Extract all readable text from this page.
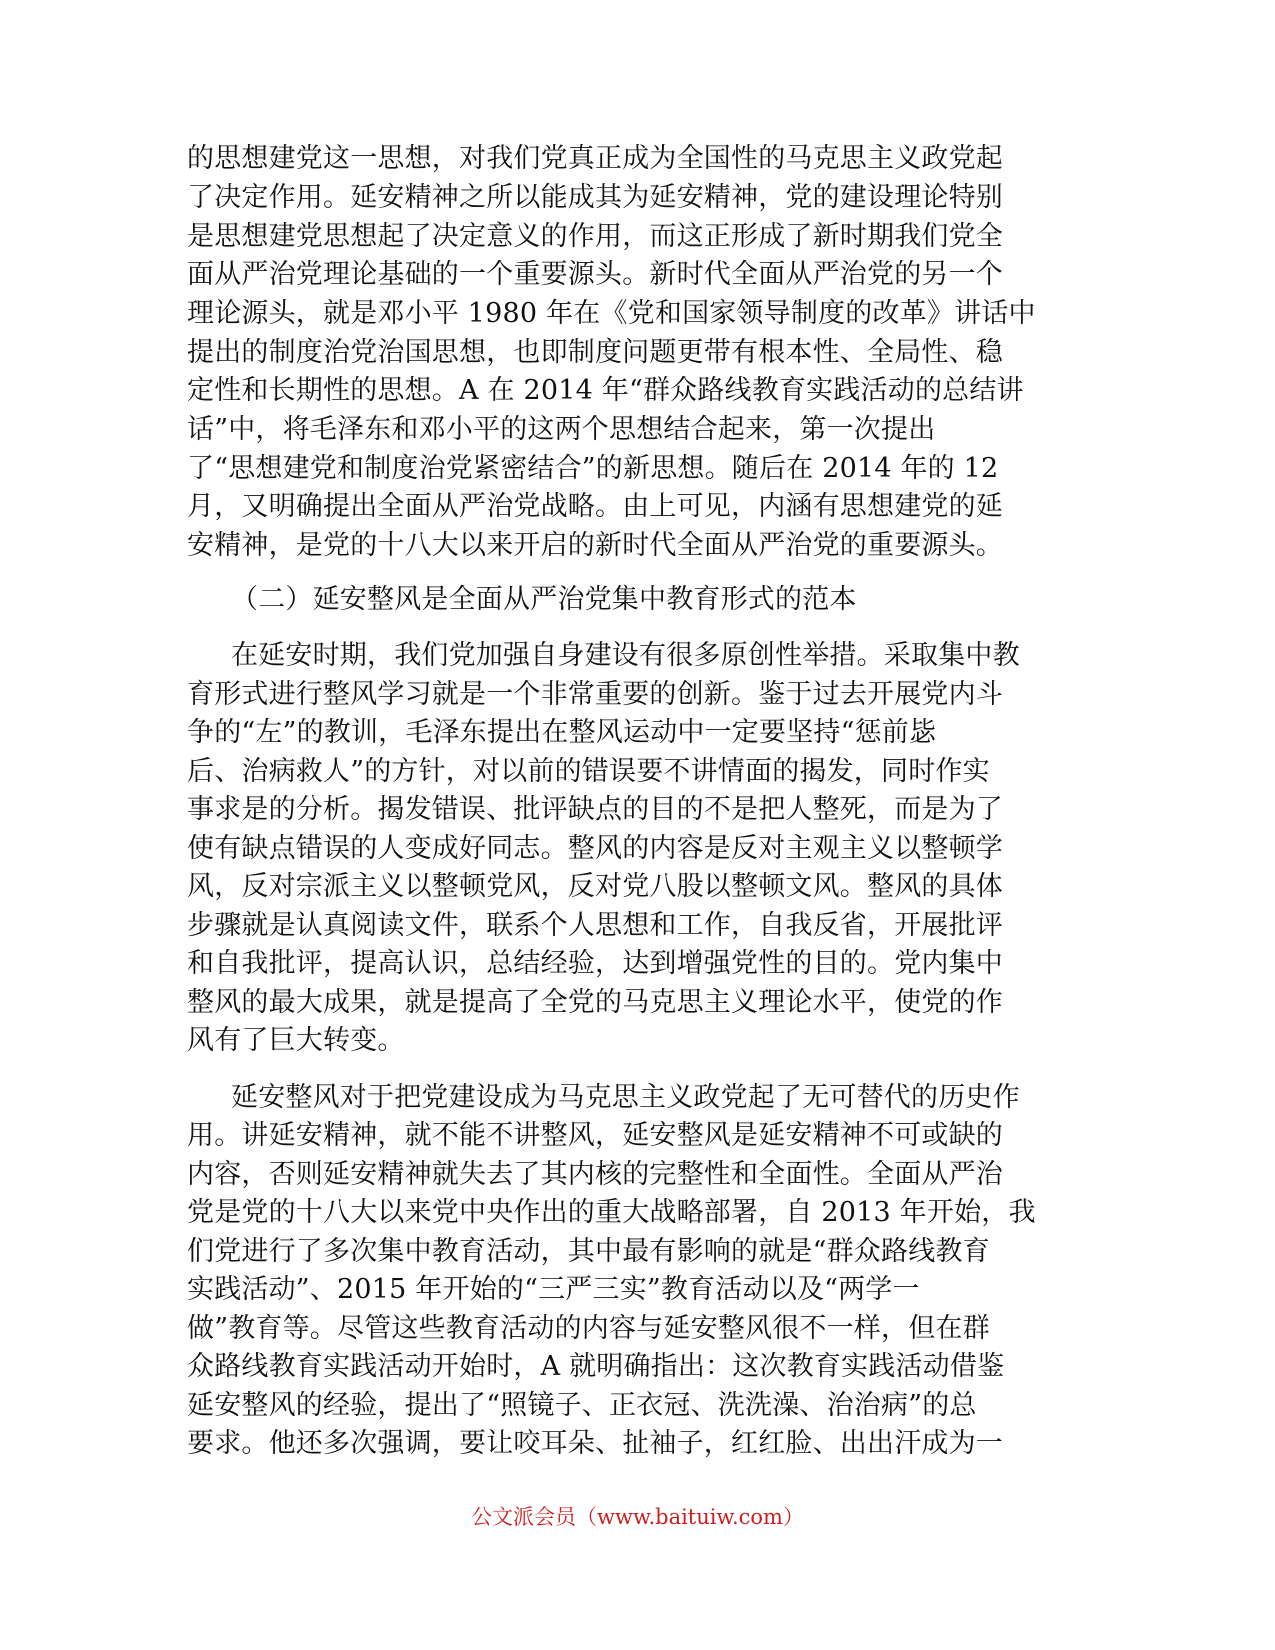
的思想建党这一思想，对我们党真正成为全国性的马克思主义政党起
了决定作用。延安精神之所以能成其为延安精神，党的建设理论特别
是思想建党思想起了决定意义的作用，而这正形成了新时期我们党全
面从严治党理论基础的一个重要源头。新时代全面从严治党的另一个
理论源头，就是邓小平 1980 年在《党和国家领导制度的改革》讲话中
提出的制度治党治国思想，也即制度问题更带有根本性、全局性、稳
定性和长期性的思想。A 在 2014 年“群众路线教育实践活动的总结讲
话”中，将毛泽东和邓小平的这两个思想结合起来，第一次提出
了“思想建党和制度治党紧密结合”的新思想。随后在 2014 年的 12
月，又明确提出全面从严治党战略。由上可见，内涵有思想建党的延
安精神，是党的十八大以来开启的新时代全面从严治党的重要源头。
（二）延安整风是全面从严治党集中教育形式的范本
在延安时期，我们党加强自身建设有很多原创性举措。采取集中教
育形式进行整风学习就是一个非常重要的创新。鉴于过去开展党内斗
争的“左”的教训，毛泽东提出在整风运动中一定要坚持“惩前毖
后、治病救人”的方针，对以前的错误要不讲情面的揭发，同时作实
事求是的分析。揭发错误、批评缺点的目的不是把人整死，而是为了
使有缺点错误的人变成好同志。整风的内容是反对主观主义以整顿学
风，反对宗派主义以整顿党风，反对党八股以整顿文风。整风的具体
步骤就是认真阅读文件，联系个人思想和工作，自我反省，开展批评
和自我批评，提高认识，总结经验，达到增强党性的目的。党内集中
整风的最大成果，就是提高了全党的马克思主义理论水平，使党的作
风有了巨大转变。
延安整风对于把党建设成为马克思主义政党起了无可替代的历史作
用。讲延安精神，就不能不讲整风，延安整风是延安精神不可或缺的
内容，否则延安精神就失去了其内核的完整性和全面性。全面从严治
党是党的十八大以来党中央作出的重大战略部署，自 2013 年开始，我
们党进行了多次集中教育活动，其中最有影响的就是“群众路线教育
实践活动”、2015 年开始的“三严三实”教育活动以及“两学一
做”教育等。尽管这些教育活动的内容与延安整风很不一样，但在群
众路线教育实践活动开始时，A 就明确指出：这次教育实践活动借鉴
延安整风的经验，提出了“照镜子、正衣冠、洗洗澡、治治病”的总
要求。他还多次强调，要让咬耳朵、扯袖子，红红脸、出出汗成为一
公文派会员（www.baituiw.com）
